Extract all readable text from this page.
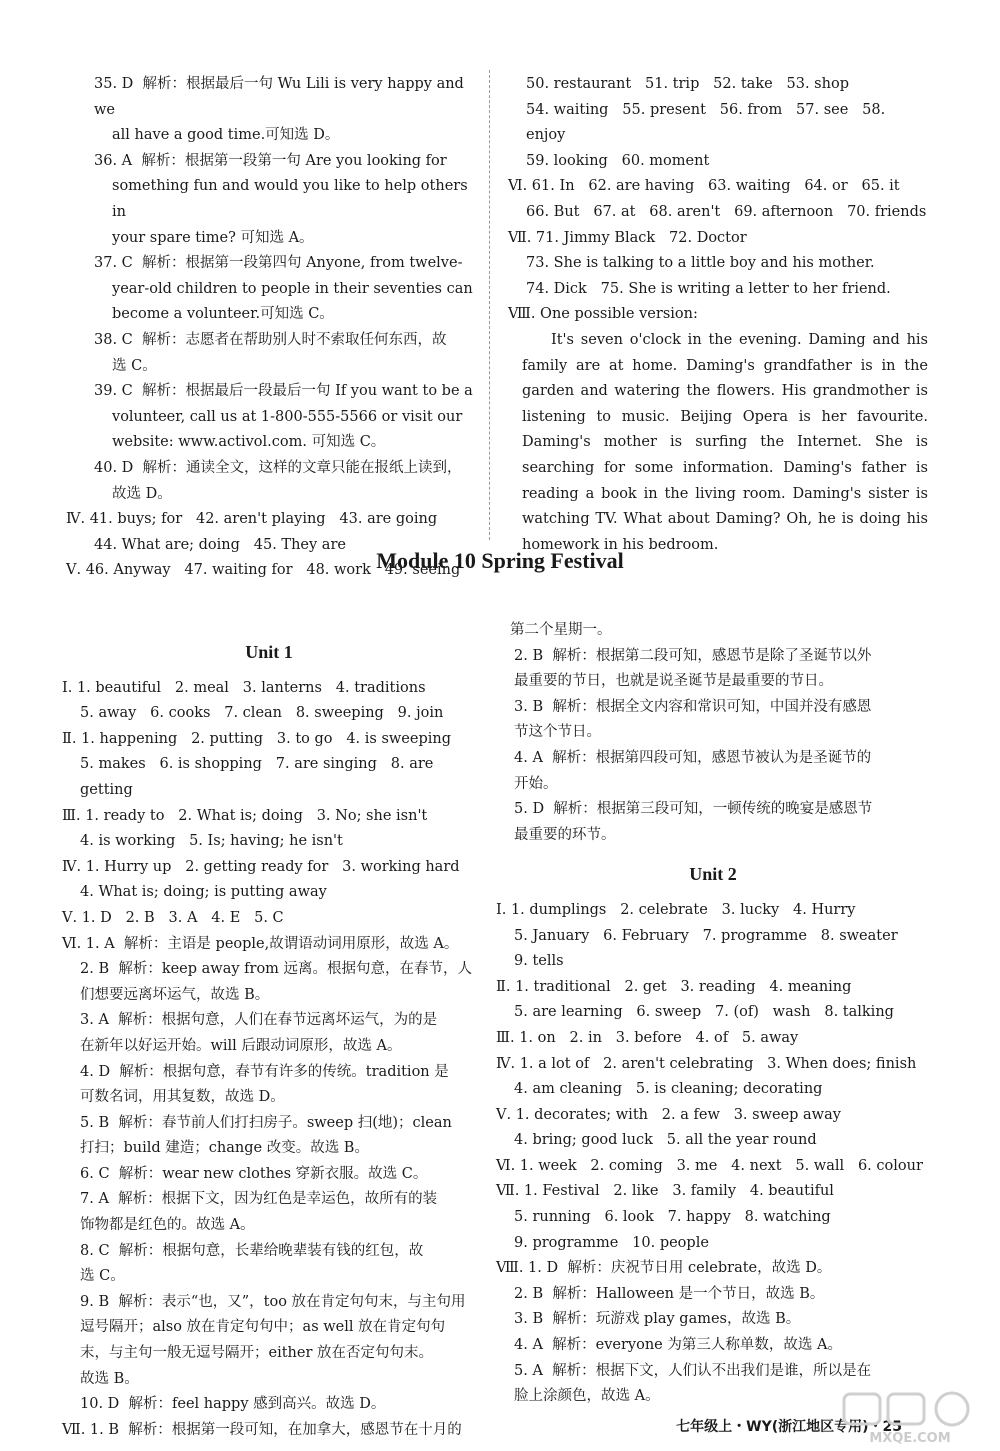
35. D  解析：根据最后一句 Wu Lili is very happy and we
all have a good time.可知选 D。
36. A  解析：根据第一段第一句 Are you looking for
something fun and would you like to help others in
your spare time? 可知选 A。
37. C  解析：根据第一段第四句 Anyone, from twelve-
year-old children to people in their seventies can
become a volunteer.可知选 C。
38. C  解析：志愿者在帮助别人时不索取任何东西，故
选 C。
39. C  解析：根据最后一段最后一句 If you want to be a
volunteer, call us at 1-800-555-5566 or visit our
website: www.activol.com. 可知选 C。
40. D  解析：通读全文，这样的文章只能在报纸上读到，
故选 D。
Ⅳ. 41. buys; for   42. aren't playing   43. are going
44. What are; doing   45. They are
Ⅴ. 46. Anyway   47. waiting for   48. work   49. seeing
50. restaurant   51. trip   52. take   53. shop
54. waiting   55. present   56. from   57. see   58. enjoy
59. looking   60. moment
Ⅵ. 61. In   62. are having   63. waiting   64. or   65. it
66. But   67. at   68. aren't   69. afternoon   70. friends
Ⅶ. 71. Jimmy Black   72. Doctor
73. She is talking to a little boy and his mother.
74. Dick   75. She is writing a letter to her friend.
Ⅷ. One possible version:
It's seven o'clock in the evening. Daming and his family are at home. Daming's grandfather is in the garden and watering the flowers. His grandmother is listening to music. Beijing Opera is her favourite. Daming's mother is surfing the Internet. She is searching for some information. Daming's father is reading a book in the living room. Daming's sister is watching TV. What about Daming? Oh, he is doing his homework in his bedroom.
Module 10 Spring Festival
Unit 1
Ⅰ. 1. beautiful   2. meal   3. lanterns   4. traditions
5. away   6. cooks   7. clean   8. sweeping   9. join
Ⅱ. 1. happening   2. putting   3. to go   4. is sweeping
5. makes   6. is shopping   7. are singing   8. are getting
Ⅲ. 1. ready to   2. What is; doing   3. No; she isn't
4. is working   5. Is; having; he isn't
Ⅳ. 1. Hurry up   2. getting ready for   3. working hard
4. What is; doing; is putting away
Ⅴ. 1. D   2. B   3. A   4. E   5. C
Ⅵ. 1. A  解析：主语是 people,故谓语动词用原形，故选 A。
2. B  解析：keep away from 远离。根据句意，在春节，人
们想要远离坏运气，故选 B。
3. A  解析：根据句意，人们在春节远离坏运气，为的是
在新年以好运开始。will 后跟动词原形，故选 A。
4. D  解析：根据句意，春节有许多的传统。tradition 是
可数名词，用其复数，故选 D。
5. B  解析：春节前人们打扫房子。sweep 扫(地)；clean
打扫；build 建造；change 改变。故选 B。
6. C  解析：wear new clothes 穿新衣服。故选 C。
7. A  解析：根据下文，因为红色是幸运色，故所有的装
饰物都是红色的。故选 A。
8. C  解析：根据句意，长辈给晚辈装有钱的红包，故
选 C。
9. B  解析：表示“也，又”，too 放在肯定句句末，与主句用
逗号隔开；also 放在肯定句句中；as well 放在肯定句句
末，与主句一般无逗号隔开；either 放在否定句句末。
故选 B。
10. D  解析：feel happy 感到高兴。故选 D。
Ⅶ. 1. B  解析：根据第一段可知，在加拿大，感恩节在十月的
第二个星期一。
2. B  解析：根据第二段可知，感恩节是除了圣诞节以外
最重要的节日，也就是说圣诞节是最重要的节日。
3. B  解析：根据全文内容和常识可知，中国并没有感恩
节这个节日。
4. A  解析：根据第四段可知，感恩节被认为是圣诞节的
开始。
5. D  解析：根据第三段可知，一顿传统的晚宴是感恩节
最重要的环节。
Unit 2
Ⅰ. 1. dumplings   2. celebrate   3. lucky   4. Hurry
5. January   6. February   7. programme   8. sweater
9. tells
Ⅱ. 1. traditional   2. get   3. reading   4. meaning
5. are learning   6. sweep   7. (of)   wash   8. talking
Ⅲ. 1. on   2. in   3. before   4. of   5. away
Ⅳ. 1. a lot of   2. aren't celebrating   3. When does; finish
4. am cleaning   5. is cleaning; decorating
Ⅴ. 1. decorates; with   2. a few   3. sweep away
4. bring; good luck   5. all the year round
Ⅵ. 1. week   2. coming   3. me   4. next   5. wall   6. colour
Ⅶ. 1. Festival   2. like   3. family   4. beautiful
5. running   6. look   7. happy   8. watching
9. programme   10. people
Ⅷ. 1. D  解析：庆祝节日用 celebrate，故选 D。
2. B  解析：Halloween 是一个节日，故选 B。
3. B  解析：玩游戏 play games，故选 B。
4. A  解析：everyone 为第三人称单数，故选 A。
5. A  解析：根据下文，人们认不出我们是谁，所以是在
脸上涂颜色，故选 A。
七年级上・WY(浙江地区专用)・25
MXQE.COM
